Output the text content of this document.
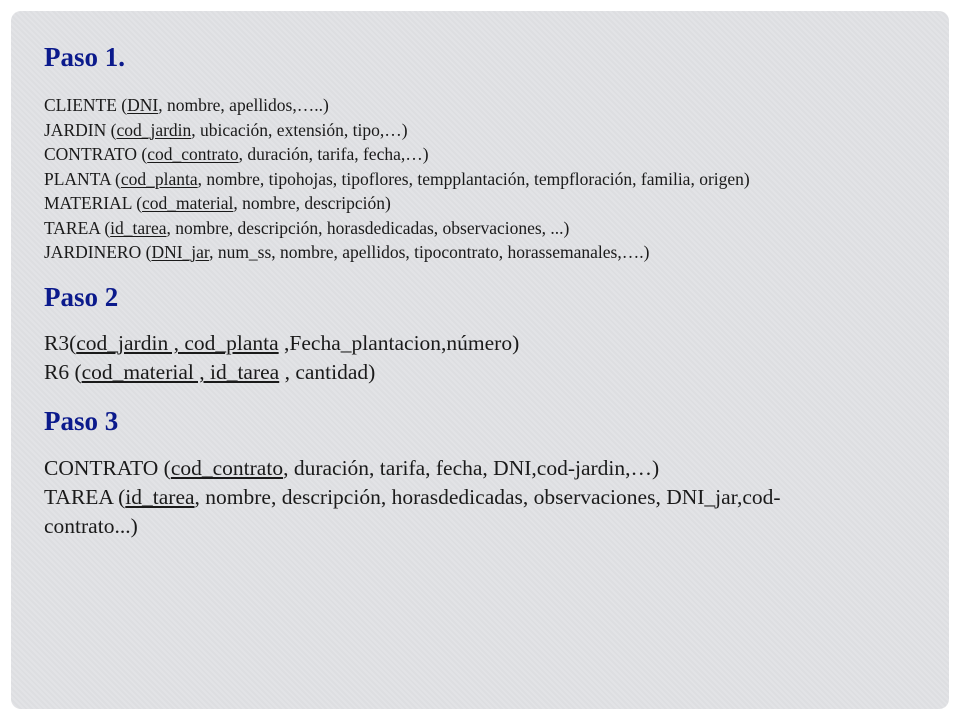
Paso 1.
CLIENTE (DNI, nombre, apellidos,…..)
JARDIN (cod_jardin, ubicación, extensión, tipo,…)
CONTRATO (cod_contrato, duración, tarifa, fecha,…)
PLANTA (cod_planta, nombre, tipohojas, tipoflores, tempplantación, tempfloración, familia, origen)
MATERIAL (cod_material, nombre, descripción)
TAREA (id_tarea, nombre, descripción, horasdedicadas, observaciones, ...)
JARDINERO (DNI_jar, num_ss, nombre, apellidos, tipocontrato, horassemanales,….)
Paso 2
R3(cod_jardin , cod_planta ,Fecha_plantacion,número)
R6 (cod_material , id_tarea , cantidad)
Paso 3
CONTRATO (cod_contrato, duración, tarifa, fecha, DNI,cod-jardin,…)
TAREA (id_tarea, nombre, descripción, horasdedicadas, observaciones, DNI_jar,cod-contrato...)
